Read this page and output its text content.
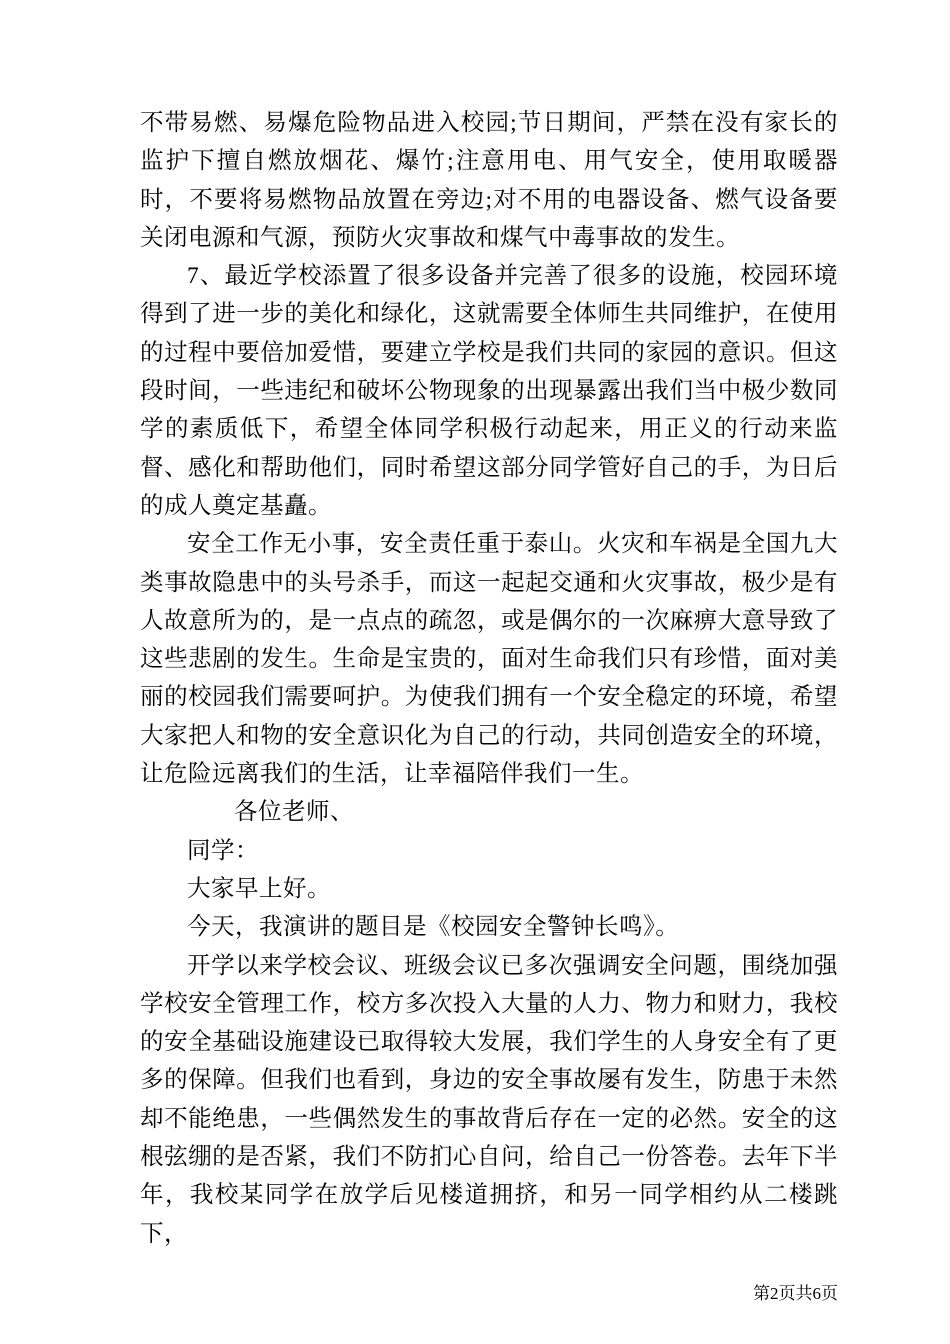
不带易燃、易爆危险物品进入校园;节日期间，严禁在没有家长的监护下擅自燃放烟花、爆竹;注意用电、用气安全，使用取暖器时，不要将易燃物品放置在旁边;对不用的电器设备、燃气设备要关闭电源和气源，预防火灾事故和煤气中毒事故的发生。

7、最近学校添置了很多设备并完善了很多的设施，校园环境得到了进一步的美化和绿化，这就需要全体师生共同维护，在使用的过程中要倍加爱惜，要建立学校是我们共同的家园的意识。但这段时间，一些违纪和破坏公物现象的出现暴露出我们当中极少数同学的素质低下，希望全体同学积极行动起来，用正义的行动来监督、感化和帮助他们，同时希望这部分同学管好自己的手，为日后的成人奠定基矗。

安全工作无小事，安全责任重于泰山。火灾和车祸是全国九大类事故隐患中的头号杀手，而这一起起交通和火灾事故，极少是有人故意所为的，是一点点的疏忽，或是偶尔的一次麻痹大意导致了这些悲剧的发生。生命是宝贵的，面对生命我们只有珍惜，面对美丽的校园我们需要呵护。为使我们拥有一个安全稳定的环境，希望大家把人和物的安全意识化为自己的行动，共同创造安全的环境，让危险远离我们的生活，让幸福陪伴我们一生。

各位老师、

同学：

大家早上好。

今天，我演讲的题目是《校园安全警钟长鸣》。

开学以来学校会议、班级会议已多次强调安全问题，围绕加强学校安全管理工作，校方多次投入大量的人力、物力和财力，我校的安全基础设施建设已取得较大发展，我们学生的人身安全有了更多的保障。但我们也看到，身边的安全事故屡有发生，防患于未然却不能绝患，一些偶然发生的事故背后存在一定的必然。安全的这根弦绷的是否紧，我们不防扪心自问，给自己一份答卷。去年下半年，我校某同学在放学后见楼道拥挤，和另一同学相约从二楼跳下，

第2页共6页
